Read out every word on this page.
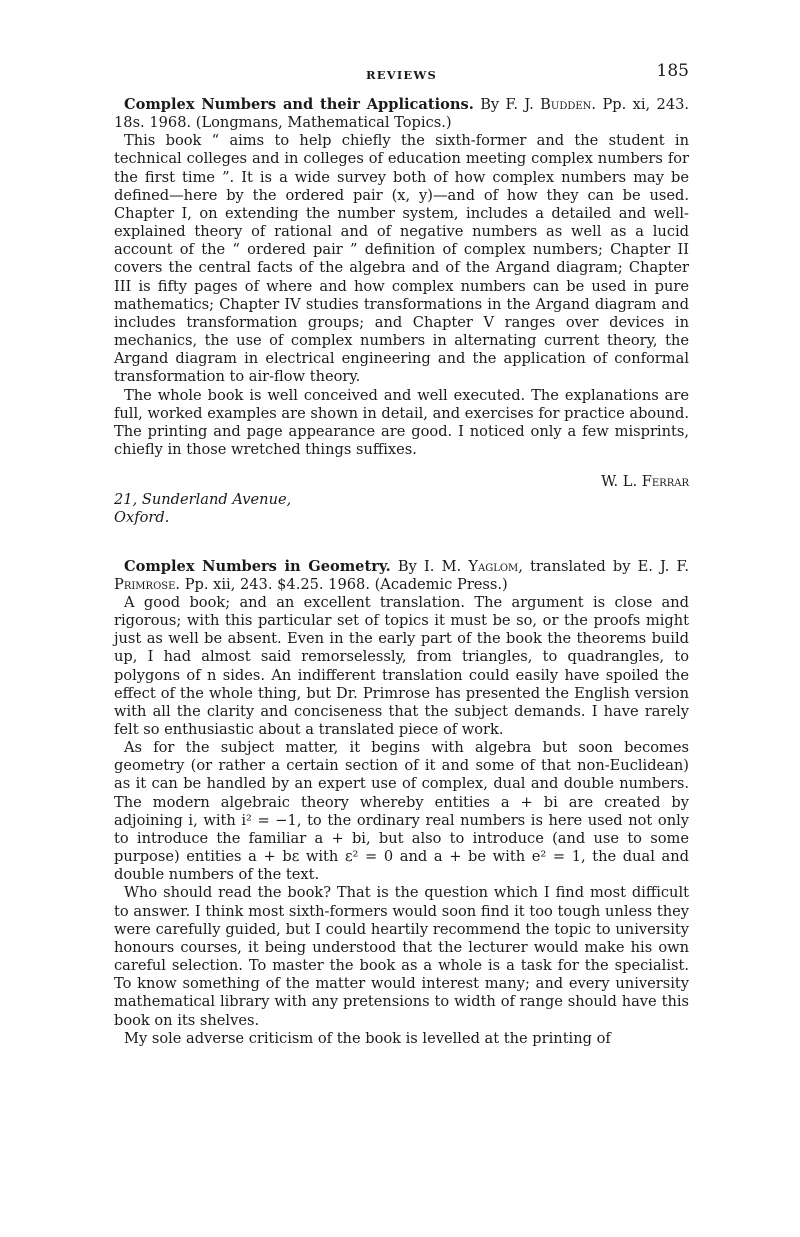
REVIEWS	185
Complex Numbers and their Applications. By F. J. Budden. Pp. xi, 243. 18s. 1968. (Longmans, Mathematical Topics.)

This book “ aims to help chiefly the sixth-former and the student in technical colleges and in colleges of education meeting complex numbers for the first time ”. It is a wide survey both of how complex numbers may be defined—here by the ordered pair (x, y)—and of how they can be used. Chapter I, on extending the number system, includes a detailed and well-explained theory of rational and of negative numbers as well as a lucid account of the “ ordered pair ” definition of complex numbers; Chapter II covers the central facts of the algebra and of the Argand diagram; Chapter III is fifty pages of where and how complex numbers can be used in pure mathematics; Chapter IV studies transformations in the Argand diagram and includes transformation groups; and Chapter V ranges over devices in mechanics, the use of complex numbers in alternating current theory, the Argand diagram in electrical engineering and the application of conformal transformation to air-flow theory.

The whole book is well conceived and well executed. The explanations are full, worked examples are shown in detail, and exercises for practice abound. The printing and page appearance are good. I noticed only a few misprints, chiefly in those wretched things suffixes.

W. L. Ferrar
21, Sunderland Avenue,
Oxford.
Complex Numbers in Geometry. By I. M. Yaglom, translated by E. J. F. Primrose. Pp. xii, 243. $4.25. 1968. (Academic Press.)

A good book; and an excellent translation. The argument is close and rigorous; with this particular set of topics it must be so, or the proofs might just as well be absent. Even in the early part of the book the theorems build up, I had almost said remorselessly, from triangles, to quadrangles, to polygons of n sides. An indifferent translation could easily have spoiled the effect of the whole thing, but Dr. Primrose has presented the English version with all the clarity and conciseness that the subject demands. I have rarely felt so enthusiastic about a translated piece of work.

As for the subject matter, it begins with algebra but soon becomes geometry (or rather a certain section of it and some of that non-Euclidean) as it can be handled by an expert use of complex, dual and double numbers. The modern algebraic theory whereby entities a + bi are created by adjoining i, with i² = −1, to the ordinary real numbers is here used not only to introduce the familiar a + bi, but also to introduce (and use to some purpose) entities a + bε with ε² = 0 and a + be with e² = 1, the dual and double numbers of the text.

Who should read the book? That is the question which I find most difficult to answer. I think most sixth-formers would soon find it too tough unless they were carefully guided, but I could heartily recommend the topic to university honours courses, it being understood that the lecturer would make his own careful selection. To master the book as a whole is a task for the specialist. To know something of the matter would interest many; and every university mathematical library with any pretensions to width of range should have this book on its shelves.

My sole adverse criticism of the book is levelled at the printing of
